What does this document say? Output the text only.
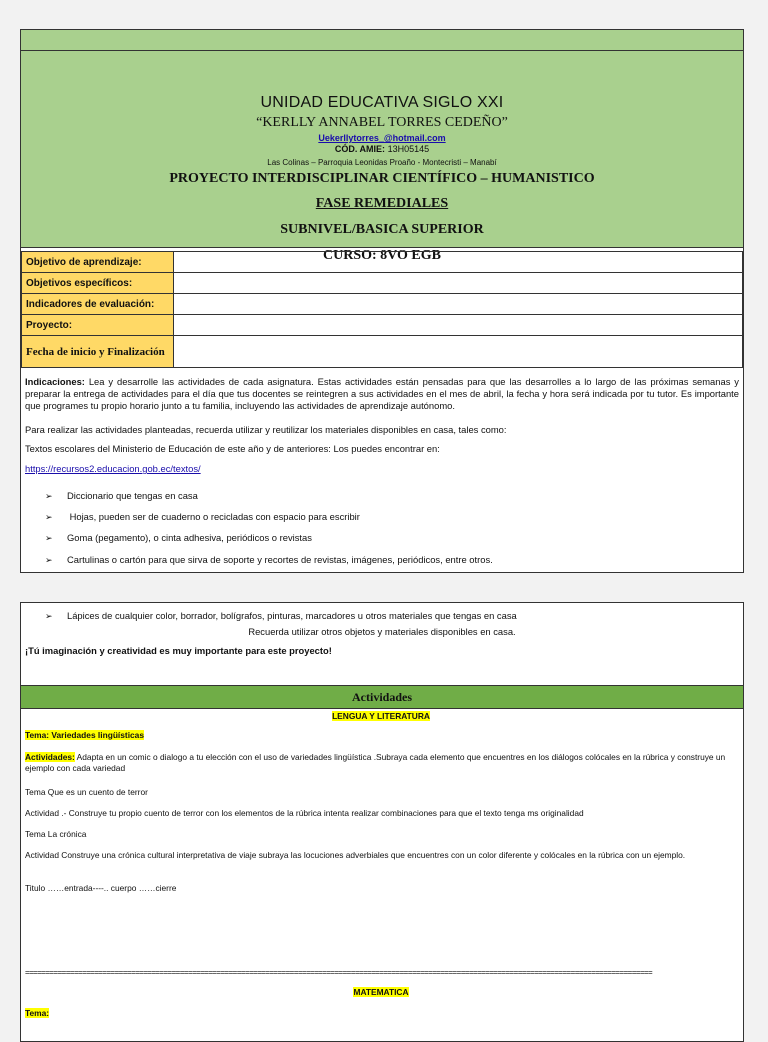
UNIDAD EDUCATIVA SIGLO XXI
“KERLLY ANNABEL TORRES CEDEÑO”
Uekerllytorres_@hotmail.com
CÓD. AMIE: 13H05145
Las Colinas – Parroquia Leonidas Proaño - Montecristi – Manabí
PROYECTO INTERDISCIPLINAR CIENTÍFICO – HUMANISTICO
FASE REMEDIALES
SUBNIVEL/BASICA SUPERIOR
CURSO: 8VO EGB
Objetivo de aprendizaje:	
Objetivos específicos:	
Indicadores de evaluación:	
Proyecto:	
Fecha de inicio y Finalización	
Indicaciones: Lea y desarrolle las actividades de cada asignatura. Estas actividades están pensadas para que las desarrolles a lo largo de las próximas semanas y preparar la entrega de actividades para el día que tus docentes se reintegren a sus actividades en el mes de abril, la fecha y hora será indicada por tu tutor. Es importante que programes tu propio horario junto a tu familia, incluyendo las actividades de aprendizaje autónomo.
Para realizar las actividades planteadas, recuerda utilizar y reutilizar los materiales disponibles en casa, tales como:
Textos escolares del Ministerio de Educación de este año y de anteriores: Los puedes encontrar en:
https://recursos2.educacion.gob.ec/textos/
➢ Diccionario que tengas en casa
➢ Hojas, pueden ser de cuaderno o recicladas con espacio para escribir
➢ Goma (pegamento), o cinta adhesiva, periódicos o revistas
➢ Cartulinas o cartón para que sirva de soporte y recortes de revistas, imágenes, periódicos, entre otros.
➢ Lápices de cualquier color, borrador, bolígrafos, pinturas, marcadores u otros materiales que tengas en casa
Recuerda utilizar otros objetos y materiales disponibles en casa.
¡Tú imaginación y creatividad es muy importante para este proyecto!
Actividades
LENGUA Y LITERATURA
Tema: Variedades lingüísticas
Actividades: Adapta en un comic o dialogo a tu elección con el uso de variedades lingüística .Subraya cada elemento que encuentres en los diálogos colócales en la rúbrica y construye un ejemplo con cada variedad
Tema Que es un cuento de terror
Actividad .- Construye tu propio cuento de terror con los elementos de la rúbrica intenta realizar combinaciones para que el texto tenga ms originalidad
Tema La crónica
Actividad Construye una crónica cultural interpretativa de viaje subraya las locuciones adverbiales que encuentres con un color diferente y colócales en la rúbrica con un ejemplo.
Titulo ……entrada----.. cuerpo ……cierre
==========================================================================================================================================================
MATEMATICA
Tema:
